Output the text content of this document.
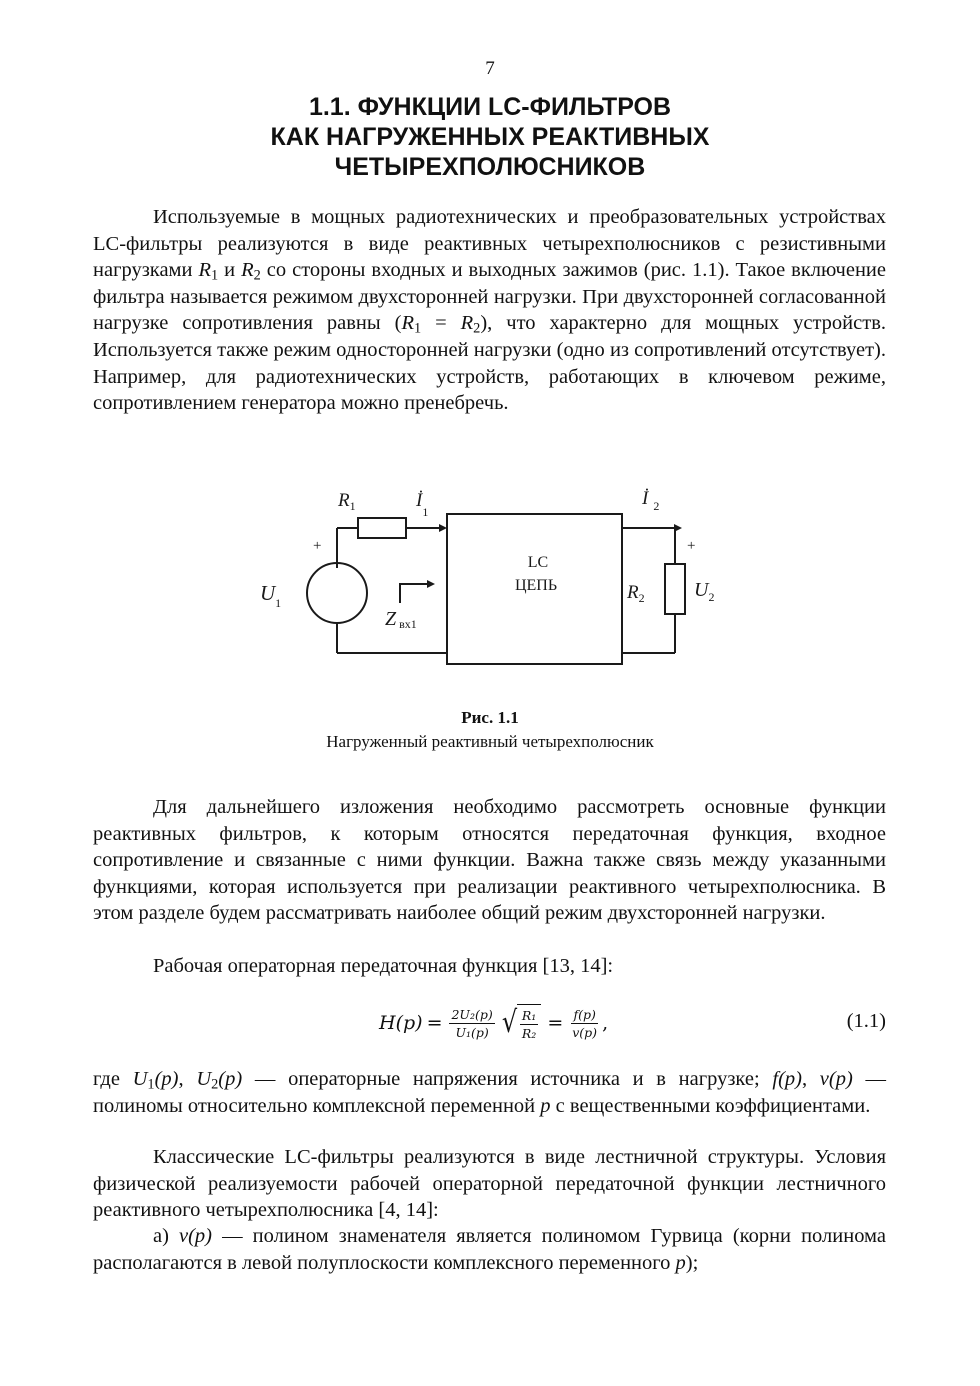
7
1.1. ФУНКЦИИ LC-ФИЛЬТРОВ
КАК НАГРУЖЕННЫХ РЕАКТИВНЫХ
ЧЕТЫРЕХПОЛЮСНИКОВ

Используемые в мощных радиотехнических и преобразовательных устройствах LC-фильтры реализуются в виде реактивных четырехполюсников с резистивными нагрузками $R_1$ и $R_2$ со стороны входных и выходных зажимов (рис. 1.1). Такое включение фильтра называется режимом двухсторонней нагрузки. При двухсторонней согласованной нагрузке сопротивления равны $(R_1 = R_2)$, что характерно для мощных устройств. Используется также режим односторонней нагрузки (одно из сопротивлений отсутствует). Например, для радиотехнических устройств, работающих в ключевом режиме, сопротивлением генератора можно пренебречь.

$R_1$	$İ_1$
İ $_2$
+	+
$U_1$
Zвх1
LC
ЦЕПЬ	$R_2$ $U_2$
Рис. 1.1
Нагруженный реактивный четырехполюсник

Для дальнейшего изложения необходимо рассмотреть основные функции реактивных фильтров, к которым относятся передаточная функция, входное сопротивление и связанные с ними функции. Важна также связь между указанными функциями, которая используется при реализации реактивного четырехполюсника. В этом разделе будем рассматривать наиболее общий режим двухсторонней нагрузки.

Рабочая операторная передаточная функция [13, 14]:

$H(p) = \frac{\text{2U₂(p)}}{\text{U₁(p)}}$ √ $\frac{\text{R₁}}{\text{R₂}} = \frac{f(p)}{v(p)}$ ,	(1.1)

где $U_1(p)$, $U_2(p)$ — операторные напряжения источника и в нагрузке; f(p), v(p) — полиномы относительно комплексной переменной p с вещественными коэффициентами.

Классические LC-фильтры реализуются в виде лестничной структуры. Условия физической реализуемости рабочей операторной передаточной функции лестничного реактивного четырехполюсника [4, 14]:

а) v(p) — полином знаменателя является полиномом Гурвица (корни полинома располагаются в левой полуплоскости комплексного переменного p);
